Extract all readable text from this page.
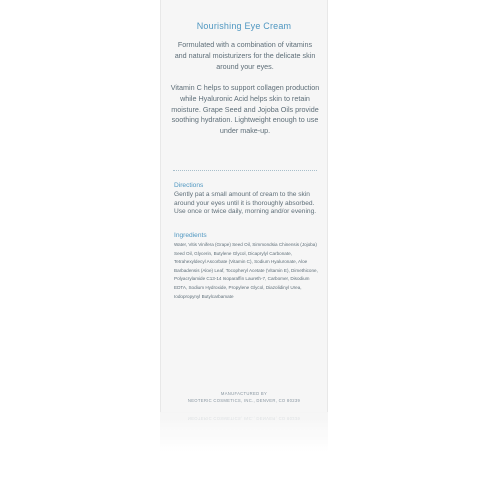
Nourishing Eye Cream
Formulated with a combination of vitamins and natural moisturizers for the delicate skin around your eyes.
Vitamin C helps to support collagen production while Hyaluronic Acid helps skin to retain moisture. Grape Seed and Jojoba Oils provide soothing hydration. Lightweight enough to use under make-up.
Directions
Gently pat a small amount of cream to the skin around your eyes until it is thoroughly absorbed. Use once or twice daily, morning and/or evening.
Ingredients
Water, Vitis Vinifera (Grape) Seed Oil, Simmondsia Chinensis (Jojoba) Seed Oil, Glycerin, Butylene Glycol, Dicaprylyl Carbonate, Tetrahexyldecyl Ascorbate (Vitamin C), Sodium Hyaluronate, Aloe Barbadensis (Aloe) Leaf, Tocopheryl Acetate (Vitamin E), Dimethicone, Polyacrylamide C13-14 Isoparaffin Laureth-7, Carbomer, Disodium EDTA, Sodium Hydroxide, Propylene Glycol, Diazolidinyl Urea, Iodopropynyl Butylcarbamate
MANUFACTURED BY
NEOTERIC COSMETICS, INC., DENVER, CO 80239
NEOTERIC COSMETICS, INC., DENVER, CO 80239
